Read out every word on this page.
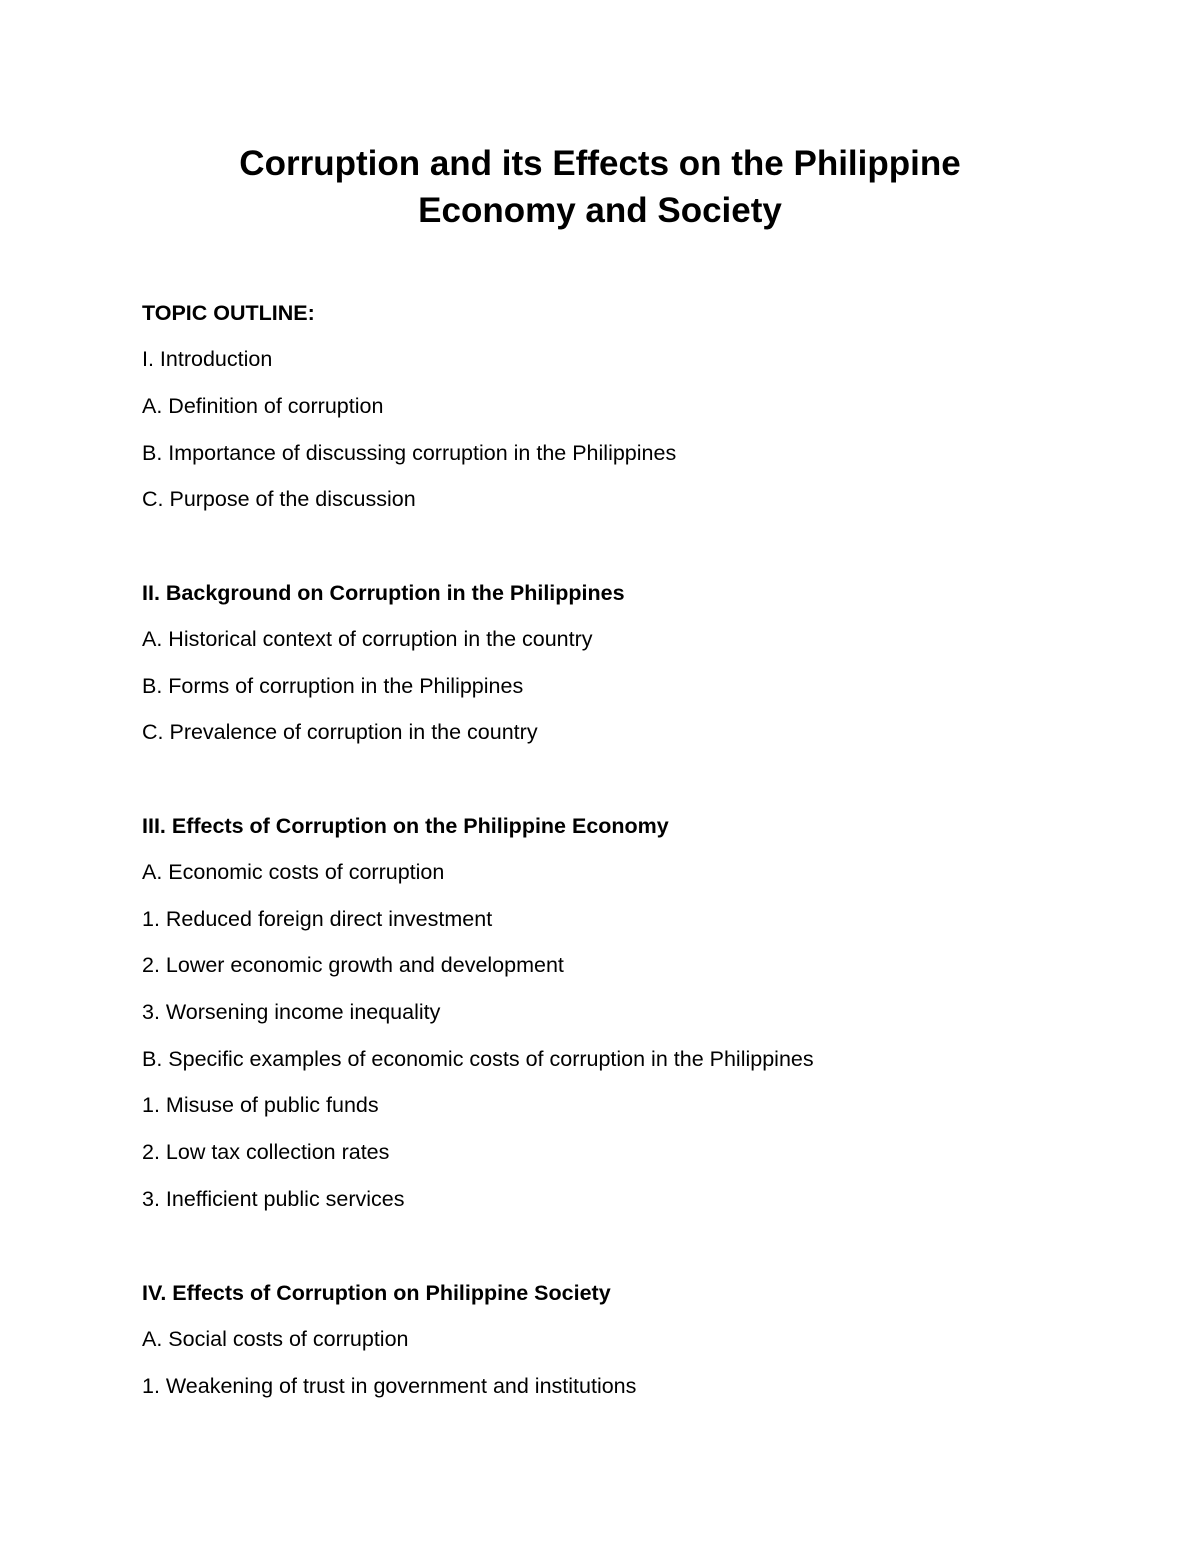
Corruption and its Effects on the Philippine
Economy and Society

TOPIC OUTLINE:

I. Introduction

A. Definition of corruption

B. Importance of discussing corruption in the Philippines

C. Purpose of the discussion

II. Background on Corruption in the Philippines

A. Historical context of corruption in the country

B. Forms of corruption in the Philippines

C. Prevalence of corruption in the country

III. Effects of Corruption on the Philippine Economy

A. Economic costs of corruption

1. Reduced foreign direct investment

2. Lower economic growth and development

3. Worsening income inequality

B. Specific examples of economic costs of corruption in the Philippines

1. Misuse of public funds

2. Low tax collection rates

3. Inefficient public services

IV. Effects of Corruption on Philippine Society

A. Social costs of corruption

1. Weakening of trust in government and institutions
